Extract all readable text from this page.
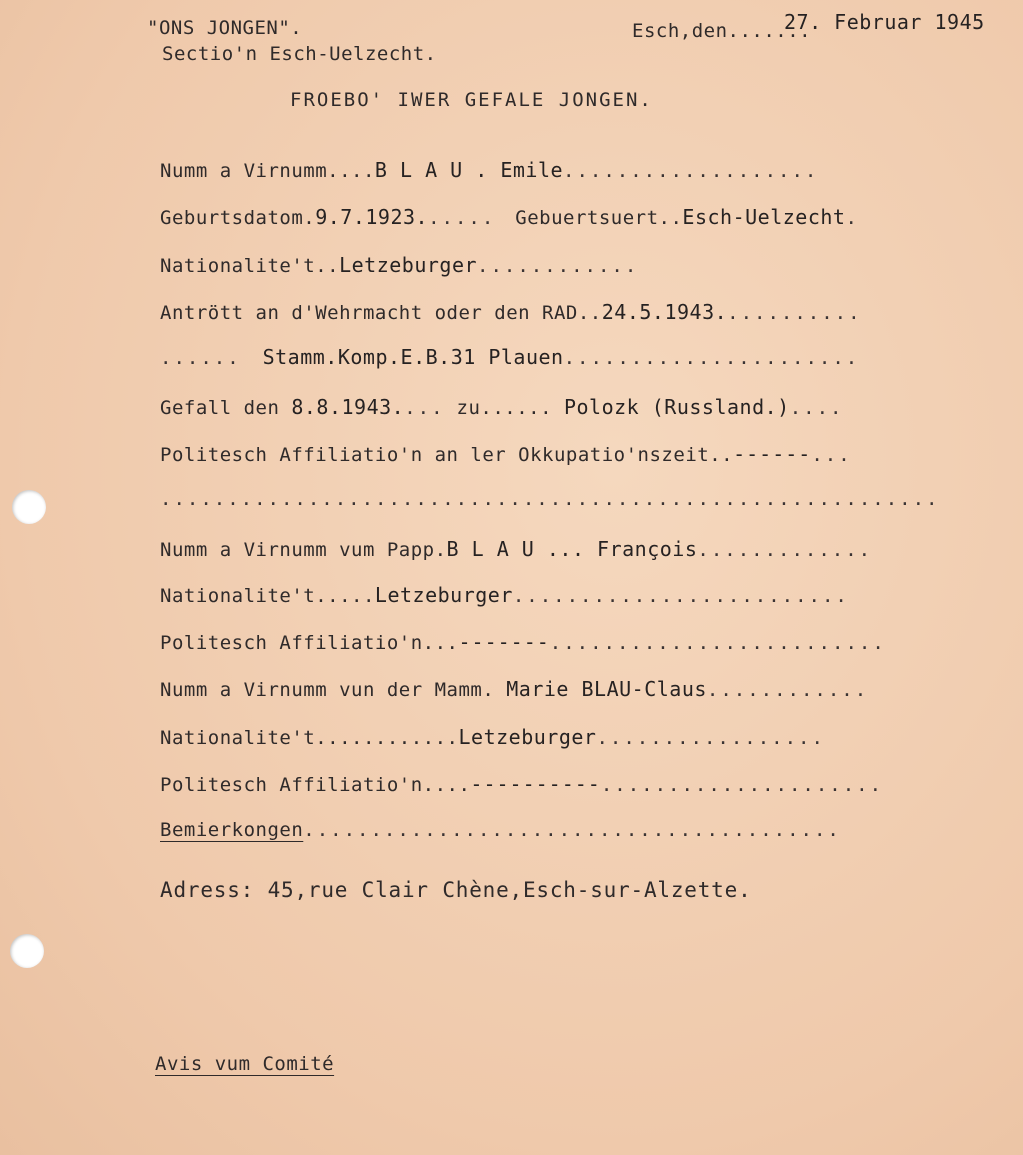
"ONS JONGEN".
Sectio'n Esch-Uelzecht.
Esch,den.......
27. Februar 1945
FROEBO' IWER GEFALE JONGEN.
Numm a Virnumm....B L A U . Emile...................
Geburtsdatom.9.7.1923...... Gebuertsuert..Esch-Uelzecht.
Nationalite't..Letzeburger............
Antrött an d'Wehrmacht oder den RAD..24.5.1943...........
...... Stamm.Komp.E.B.31 Plauen......................
Gefall den 8.8.1943.... zu...... Polozk (Russland.)....
Politesch Affiliatio'n an ler Okkupatio'nszeit..------...
..........................................................
Numm a Virnumm vum Papp.B L A U ... François.............
Nationalite't.....Letzeburger.........................
Politesch Affiliatio'n...-------.........................
Numm a Virnumm vun der Mamm. Marie BLAU-Claus............
Nationalite't............Letzeburger.................
Politesch Affiliatio'n....----------.....................
Bemierkongen........................................
Adress: 45,rue Clair Chène,Esch-sur-Alzette.
Avis vum Comité
